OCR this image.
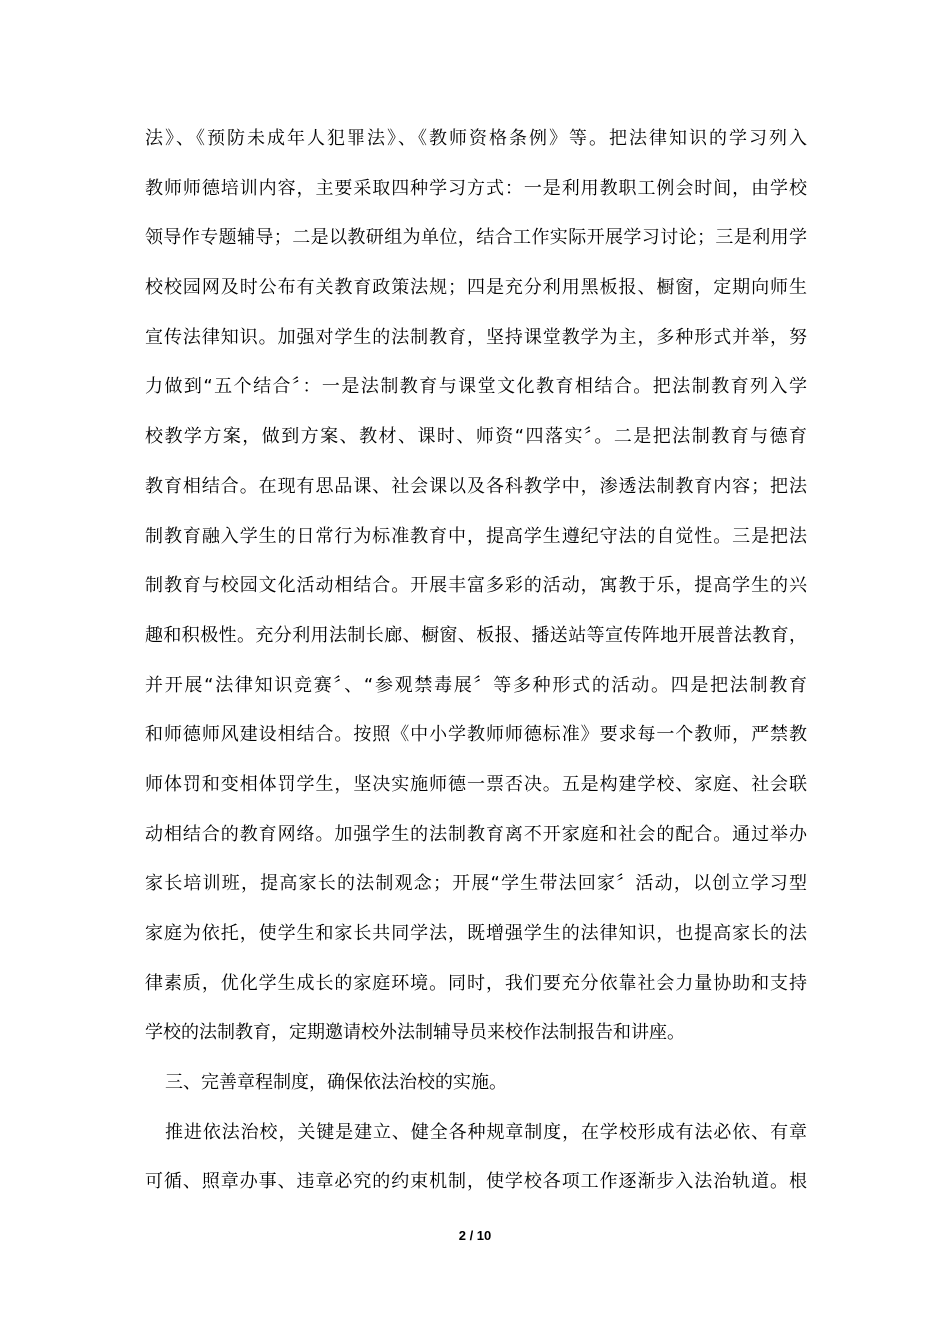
法》、《预防未成年人犯罪法》、《教师资格条例》等。把法律知识的学习列入
教师师德培训内容，主要采取四种学习方式：一是利用教职工例会时间，由学校
领导作专题辅导；二是以教研组为单位，结合工作实际开展学习讨论；三是利用学
校校园网及时公布有关教育政策法规；四是充分利用黑板报、橱窗，定期向师生
宣传法律知识。加强对学生的法制教育，坚持课堂教学为主，多种形式并举，努
力做到“五个结合〞：一是法制教育与课堂文化教育相结合。把法制教育列入学
校教学方案，做到方案、教材、课时、师资“四落实〞。二是把法制教育与德育
教育相结合。在现有思品课、社会课以及各科教学中，渗透法制教育内容；把法
制教育融入学生的日常行为标准教育中，提高学生遵纪守法的自觉性。三是把法
制教育与校园文化活动相结合。开展丰富多彩的活动，寓教于乐，提高学生的兴
趣和积极性。充分利用法制长廊、橱窗、板报、播送站等宣传阵地开展普法教育，
并开展“法律知识竞赛〞、“参观禁毒展〞等多种形式的活动。四是把法制教育
和师德师风建设相结合。按照《中小学教师师德标准》要求每一个教师，严禁教
师体罚和变相体罚学生，坚决实施师德一票否决。五是构建学校、家庭、社会联
动相结合的教育网络。加强学生的法制教育离不开家庭和社会的配合。通过举办
家长培训班，提高家长的法制观念；开展“学生带法回家〞活动，以创立学习型
家庭为依托，使学生和家长共同学法，既增强学生的法律知识，也提高家长的法
律素质，优化学生成长的家庭环境。同时，我们要充分依靠社会力量协助和支持
学校的法制教育，定期邀请校外法制辅导员来校作法制报告和讲座。
三、完善章程制度，确保依法治校的实施。
推进依法治校，关键是建立、健全各种规章制度，在学校形成有法必依、有章
可循、照章办事、违章必究的约束机制，使学校各项工作逐渐步入法治轨道。根
2 / 10
